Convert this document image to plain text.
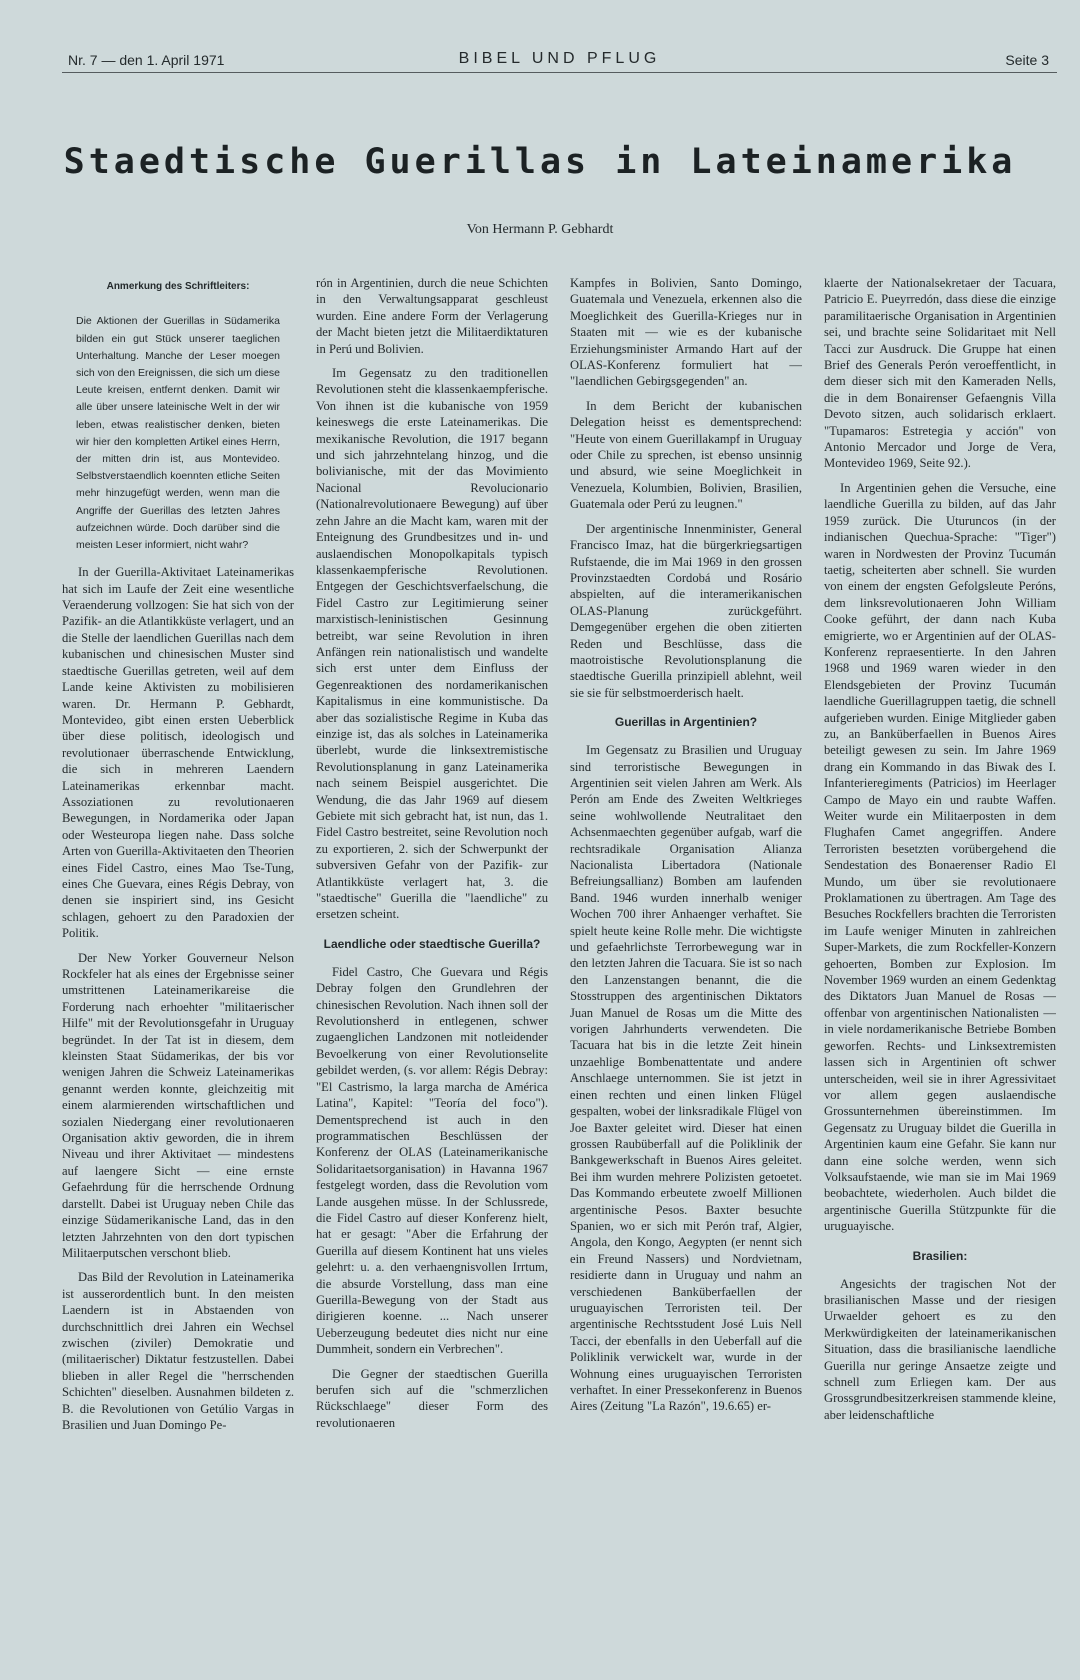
Nr. 7 — den 1. April 1971	BIBEL UND PFLUG	Seite 3
Staedtische Guerillas in Lateinamerika
Von Hermann P. Gebhardt
Anmerkung des Schriftleiters:
Die Aktionen der Guerillas in Südamerika bilden ein gut Stück unserer taeglichen Unterhaltung. Manche der Leser moegen sich von den Ereignissen, die sich um diese Leute kreisen, entfernt denken. Damit wir alle über unsere lateinische Welt in der wir leben, etwas realistischer denken, bieten wir hier den kompletten Artikel eines Herrn, der mitten drin ist, aus Montevideo. Selbstverstaendlich koennten etliche Seiten mehr hinzugefügt werden, wenn man die Angriffe der Guerillas des letzten Jahres aufzeichnen würde. Doch darüber sind die meisten Leser informiert, nicht wahr?

In der Guerilla-Aktivitaet Lateinamerikas hat sich im Laufe der Zeit eine wesentliche Veraenderung vollzogen: Sie hat sich von der Pazifik- an die Atlantikküste verlagert, und an die Stelle der laendlichen Guerillas nach dem kubanischen und chinesischen Muster sind staedtische Guerillas getreten, weil auf dem Lande keine Aktivisten zu mobilisieren waren. Dr. Hermann P. Gebhardt, Montevideo, gibt einen ersten Ueberblick über diese politisch, ideologisch und revolutionaer überraschende Entwicklung, die sich in mehreren Laendern Lateinamerikas erkennbar macht. Assoziationen zu revolutionaeren Bewegungen, in Nordamerika oder Japan oder Westeuropa liegen nahe. Dass solche Arten von Guerilla-Aktivitaeten den Theorien eines Fidel Castro, eines Mao Tse-Tung, eines Che Guevara, eines Régis Debray, von denen sie inspiriert sind, ins Gesicht schlagen, gehoert zu den Paradoxien der Politik.

Der New Yorker Gouverneur Nelson Rockfeler hat als eines der Ergebnisse seiner umstrittenen Lateinamerikareise die Forderung nach erhoehter "militaerischer Hilfe" mit der Revolutionsgefahr in Uruguay begründet. In der Tat ist in diesem, dem kleinsten Staat Südamerikas, der bis vor wenigen Jahren die Schweiz Lateinamerikas genannt werden konnte, gleichzeitig mit einem alarmierenden wirtschaftlichen und sozialen Niedergang einer revolutionaeren Organisation aktiv geworden, die in ihrem Niveau und ihrer Aktivitaet — mindestens auf laengere Sicht — eine ernste Gefaehrdung für die herrschende Ordnung darstellt. Dabei ist Uruguay neben Chile das einzige Südamerikanische Land, das in den letzten Jahrzehnten von den dort typischen Militaerputschen verschont blieb.

Das Bild der Revolution in Lateinamerika ist ausserordentlich bunt. In den meisten Laendern ist in Abstaenden von durchschnittlich drei Jahren ein Wechsel zwischen (ziviler) Demokratie und (militaerischer) Diktatur festzustellen. Dabei blieben in aller Regel die "herrschenden Schichten" dieselben. Ausnahmen bildeten z. B. die Revolutionen von Getúlio Vargas in Brasilien und Juan Domingo Pe-

rón in Argentinien, durch die neue Schichten in den Verwaltungsapparat geschleust wurden. Eine andere Form der Verlagerung der Macht bieten jetzt die Militaerdiktaturen in Perú und Bolivien.

Im Gegensatz zu den traditionellen Revolutionen steht die klassenkaempferische. Von ihnen ist die kubanische von 1959 keineswegs die erste Lateinamerikas. Die mexikanische Revolution, die 1917 begann und sich jahrzehntelang hinzog, und die bolivianische, mit der das Movimiento Nacional Revolucionario (Nationalrevolutionaere Bewegung) auf über zehn Jahre an die Macht kam, waren mit der Enteignung des Grundbesitzes und in- und auslaendischen Monopolkapitals typisch klassenkaempferische Revolutionen. Entgegen der Geschichtsverfaelschung, die Fidel Castro zur Legitimierung seiner marxistisch-leninistischen Gesinnung betreibt, war seine Revolution in ihren Anfängen rein nationalistisch und wandelte sich erst unter dem Einfluss der Gegenreaktionen des nordamerikanischen Kapitalismus in eine kommunistische. Da aber das sozialistische Regime in Kuba das einzige ist, das als solches in Lateinamerika überlebt, wurde die linksextremistische Revolutionsplanung in ganz Lateinamerika nach seinem Beispiel ausgerichtet. Die Wendung, die das Jahr 1969 auf diesem Gebiete mit sich gebracht hat, ist nun, das 1. Fidel Castro bestreitet, seine Revolution noch zu exportieren, 2. sich der Schwerpunkt der subversiven Gefahr von der Pazifik- zur Atlantikküste verlagert hat, 3. die "staedtische" Guerilla die "laendliche" zu ersetzen scheint.

Laendliche oder staedtische Guerilla?

Fidel Castro, Che Guevara und Régis Debray folgen den Grundlehren der chinesischen Revolution. Nach ihnen soll der Revolutionsherd in entlegenen, schwer zugaenglichen Landzonen mit notleidender Bevoelkerung von einer Revolutionselite gebildet werden, (s. vor allem: Régis Debray: "El Castrismo, la larga marcha de América Latina", Kapitel: "Teoría del foco"). Dementsprechend ist auch in den programmatischen Beschlüssen der Konferenz der OLAS (Lateinamerikanische Solidaritaetsorganisation) in Havanna 1967 festgelegt worden, dass die Revolution vom Lande ausgehen müsse. In der Schlussrede, die Fidel Castro auf dieser Konferenz hielt, hat er gesagt: "Aber die Erfahrung der Guerilla auf diesem Kontinent hat uns vieles gelehrt: u. a. den verhaengnisvollen Irrtum, die absurde Vorstellung, dass man eine Guerilla-Bewegung von der Stadt aus dirigieren koenne. ... Nach unserer Ueberzeugung bedeutet dies nicht nur eine Dummheit, sondern ein Verbrechen".

Die Gegner der staedtischen Guerilla berufen sich auf die "schmerzlichen Rückschlaege" dieser Form des revolutionaeren

Kampfes in Bolivien, Santo Domingo, Guatemala und Venezuela, erkennen also die Moeglichkeit des Guerilla-Krieges nur in Staaten mit — wie es der kubanische Erziehungsminister Armando Hart auf der OLAS-Konferenz formuliert hat — "laendlichen Gebirgsgegenden" an.

In dem Bericht der kubanischen Delegation heisst es dementsprechend: "Heute von einem Guerillakampf in Uruguay oder Chile zu sprechen, ist ebenso unsinnig und absurd, wie seine Moeglichkeit in Venezuela, Kolumbien, Bolivien, Brasilien, Guatemala oder Perú zu leugnen."

Der argentinische Innenminister, General Francisco Imaz, hat die bürgerkriegsartigen Rufstaende, die im Mai 1969 in den grossen Provinzstaedten Cordobá und Rosário abspielten, auf die interamerikanischen OLAS-Planung zurückgeführt. Demgegenüber ergehen die oben zitierten Reden und Beschlüsse, dass die maotroistische Revolutionsplanung die staedtische Guerilla prinzipiell ablehnt, weil sie sie für selbstmoerderisch haelt.

Guerillas in Argentinien?

Im Gegensatz zu Brasilien und Uruguay sind terroristische Bewegungen in Argentinien seit vielen Jahren am Werk. Als Perón am Ende des Zweiten Weltkrieges seine wohlwollende Neutralitaet den Achsenmaechten gegenüber aufgab, warf die rechtsradikale Organisation Alianza Nacionalista Libertadora (Nationale Befreiungsallianz) Bomben am laufenden Band. 1946 wurden innerhalb weniger Wochen 700 ihrer Anhaenger verhaftet. Sie spielt heute keine Rolle mehr. Die wichtigste und gefaehrlichste Terrorbewegung war in den letzten Jahren die Tacuara. Sie ist so nach den Lanzenstangen benannt, die die Stosstruppen des argentinischen Diktators Juan Manuel de Rosas um die Mitte des vorigen Jahrhunderts verwendeten. Die Tacuara hat bis in die letzte Zeit hinein unzaehlige Bombenattentate und andere Anschlaege unternommen. Sie ist jetzt in einen rechten und einen linken Flügel gespalten, wobei der linksradikale Flügel von Joe Baxter geleitet wird. Dieser hat einen grossen Raubüberfall auf die Poliklinik der Bankgewerkschaft in Buenos Aires geleitet. Bei ihm wurden mehrere Polizisten getoetet. Das Kommando erbeutete zwoelf Millionen argentinische Pesos. Baxter besuchte Spanien, wo er sich mit Perón traf, Algier, Angola, den Kongo, Aegypten (er nennt sich ein Freund Nassers) und Nordvietnam, residierte dann in Uruguay und nahm an verschiedenen Banküberfaellen der uruguayischen Terroristen teil. Der argentinische Rechtsstudent José Luis Nell Tacci, der ebenfalls in den Ueberfall auf die Poliklinik verwickelt war, wurde in der Wohnung eines uruguayischen Terroristen verhaftet. In einer Pressekonferenz in Buenos Aires (Zeitung "La Razón", 19.6.65) er-

klaerte der Nationalsekretaer der Tacuara, Patricio E. Pueyrredón, dass diese die einzige paramilitaerische Organisation in Argentinien sei, und brachte seine Solidaritaet mit Nell Tacci zur Ausdruck. Die Gruppe hat einen Brief des Generals Perón veroeffentlicht, in dem dieser sich mit den Kameraden Nells, die in dem Bonairenser Gefaengnis Villa Devoto sitzen, auch solidarisch erklaert. "Tupamaros: Estretegia y acción" von Antonio Mercador und Jorge de Vera, Montevideo 1969, Seite 92.).

In Argentinien gehen die Versuche, eine laendliche Guerilla zu bilden, auf das Jahr 1959 zurück. Die Uturuncos (in der indianischen Quechua-Sprache: "Tiger") waren in Nordwesten der Provinz Tucumán taetig, scheiterten aber schnell. Sie wurden von einem der engsten Gefolgsleute Peróns, dem linksrevolutionaeren John William Cooke geführt, der dann nach Kuba emigrierte, wo er Argentinien auf der OLAS-Konferenz repraesentierte. In den Jahren 1968 und 1969 waren wieder in den Elendsgebieten der Provinz Tucumán laendliche Guerillagruppen taetig, die schnell aufgerieben wurden. Einige Mitglieder gaben zu, an Banküberfaellen in Buenos Aires beteiligt gewesen zu sein. Im Jahre 1969 drang ein Kommando in das Biwak des I. Infanterieregiments (Patricios) im Heerlager Campo de Mayo ein und raubte Waffen. Weiter wurde ein Militaerposten in dem Flughafen Camet angegriffen. Andere Terroristen besetzten vorübergehend die Sendestation des Bonaerenser Radio El Mundo, um über sie revolutionaere Proklamationen zu übertragen. Am Tage des Besuches Rockfellers brachten die Terroristen im Laufe weniger Minuten in zahlreichen Super-Markets, die zum Rockfeller-Konzern gehoerten, Bomben zur Explosion. Im November 1969 wurden an einem Gedenktag des Diktators Juan Manuel de Rosas — offenbar von argentinischen Nationalisten — in viele nordamerikanische Betriebe Bomben geworfen. Rechts- und Linksextremisten lassen sich in Argentinien oft schwer unterscheiden, weil sie in ihrer Agressivitaet vor allem gegen auslaendische Grossunternehmen übereinstimmen. Im Gegensatz zu Uruguay bildet die Guerilla in Argentinien kaum eine Gefahr. Sie kann nur dann eine solche werden, wenn sich Volksaufstaende, wie man sie im Mai 1969 beobachtete, wiederholen. Auch bildet die argentinische Guerilla Stützpunkte für die uruguayische.

Brasilien:

Angesichts der tragischen Not der brasilianischen Masse und der riesigen Urwaelder gehoert es zu den Merkwürdigkeiten der lateinamerikanischen Situation, dass die brasilianische laendliche Guerilla nur geringe Ansaetze zeigte und schnell zum Erliegen kam. Der aus Grossgrundbesitzerkreisen stammende kleine, aber leidenschaftliche
